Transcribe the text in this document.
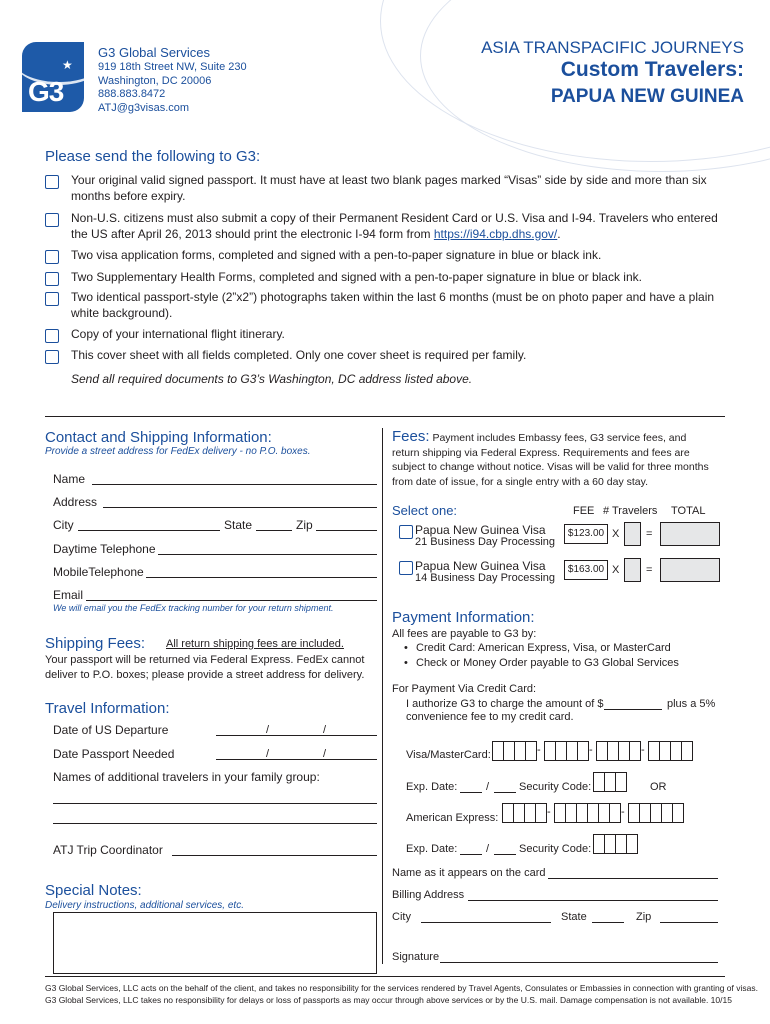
★
G3
G3 Global Services
919 18th Street NW, Suite 230
Washington, DC 20006
888.883.8472
ATJ@g3visas.com
ASIA TRANSPACIFIC JOURNEYS
Custom Travelers:
PAPUA NEW GUINEA
Please send the following to G3:
Your original valid signed passport. It must have at least two blank pages marked “Visas” side by side and more than six months before expiry.
Non-U.S. citizens must also submit a copy of their Permanent Resident Card or U.S. Visa and I-94. Travelers who entered the US after April 26, 2013 should print the electronic I-94 form from https://i94.cbp.dhs.gov/.
Two visa application forms, completed and signed with a pen-to-paper signature in blue or black ink.
Two Supplementary Health Forms, completed and signed with a pen-to-paper signature in blue or black ink.
Two identical passport-style (2”x2”) photographs taken within the last 6 months (must be on photo paper and have a plain white background).
Copy of your international flight itinerary.
This cover sheet with all fields completed. Only one cover sheet is required per family.
Send all required documents to G3’s Washington, DC address listed above.
Contact and Shipping Information:
Provide a street address for FedEx delivery - no P.O. boxes.
Name
Address
City	State	Zip
Daytime Telephone
MobileTelephone
Email
We will email you the FedEx tracking number for your return shipment.
Shipping Fees: All return shipping fees are included.
Your passport will be returned via Federal Express. FedEx cannot
deliver to P.O. boxes; please provide a street address for delivery.
Travel Information:
Date of US Departure	/	/
Date Passport Needed	/	/
Names of additional travelers in your family group:
ATJ Trip Coordinator
Special Notes:
Delivery instructions, additional services, etc.
Fees: Payment includes Embassy fees, G3 service fees, and
return shipping via Federal Express. Requirements and fees are
subject to change without notice. Visas will be valid for three months
from date of issue, for a single entry with a 60 day stay.
Select one:	FEE # Travelers TOTAL
Papua New Guinea Visa
21 Business Day Processing
$123.00 X =
Papua New Guinea Visa
14 Business Day Processing
$163.00 X =
Payment Information:
All fees are payable to G3 by:
• Credit Card: American Express, Visa, or MasterCard
• Check or Money Order payable to G3 Global Services
For Payment Via Credit Card:
I authorize G3 to charge the amount of $	plus a 5%
convenience fee to my credit card.
Visa/MasterCard:	-	-	-
Exp. Date:	/	Security Code:	OR
American Express:	-	-
Exp. Date:	/	Security Code:
Name as it appears on the card
Billing Address
City	State	Zip
Signature
G3 Global Services, LLC acts on the behalf of the client, and takes no responsibility for the services rendered by Travel Agents, Consulates or Embassies in connection with granting of visas.
G3 Global Services, LLC takes no responsibility for delays or loss of passports as may occur through above services or by the U.S. mail. Damage compensation is not available. 10/15
